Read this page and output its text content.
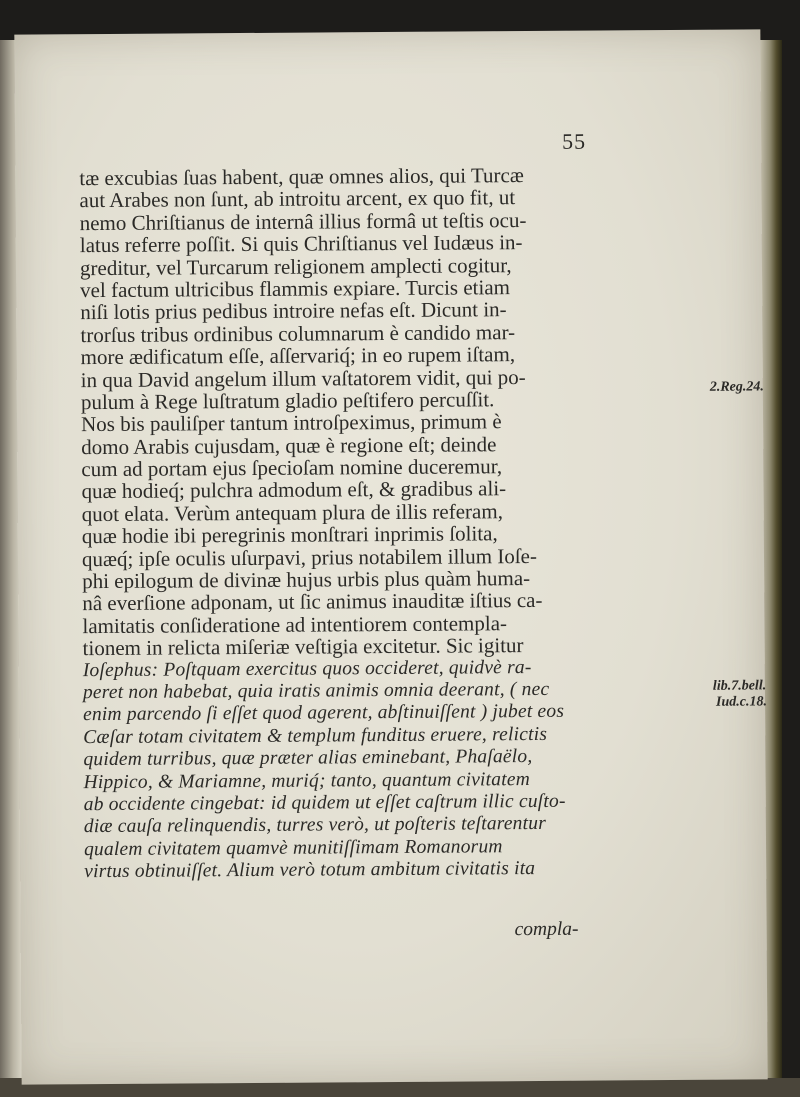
55
tæ excubias ſuas habent, quæ omnes alios, qui Turcæ
aut Arabes non ſunt, ab introitu arcent, ex quo fit, ut
nemo Chriſtianus de internâ illius formâ ut teſtis ocu-
latus referre poſſit. Si quis Chriſtianus vel Iudæus in-
greditur, vel Turcarum religionem amplecti cogitur,
vel factum ultricibus flammis expiare. Turcis etiam
niſi lotis prius pedibus introire nefas eſt. Dicunt in-
trorſus tribus ordinibus columnarum è candido mar-
more ædificatum eſſe, aſſervariq́; in eo rupem iſtam,
in qua David angelum illum vaſtatorem vidit, qui po-
pulum à Rege luſtratum gladio peſtifero percuſſit.
Nos bis pauliſper tantum introſpeximus, primum è
domo Arabis cujusdam, quæ è regione eſt; deinde
cum ad portam ejus ſpecioſam nomine duceremur,
quæ hodieq́; pulchra admodum eſt, & gradibus ali-
quot elata. Verùm antequam plura de illis referam,
quæ hodie ibi peregrinis monſtrari inprimis ſolita,
quæq́; ipſe oculis uſurpavi, prius notabilem illum Ioſe-
phi epilogum de divinæ hujus urbis plus quàm huma-
nâ everſione adponam, ut ſic animus inauditæ iſtius ca-
lamitatis conſideratione ad intentiorem contempla-
tionem in relicta miſeriæ veſtigia excitetur. Sic igitur
Ioſephus: Poſtquam exercitus quos occideret, quidvè ra-
peret non habebat, quia iratis animis omnia deerant, ( nec
enim parcendo ſi eſſet quod agerent, abſtinuiſſent ) jubet eos
Cæſar totam civitatem & templum funditus eruere, relictis
quidem turribus, quæ præter alias eminebant, Phaſaëlo,
Hippico, & Mariamne, muriq́; tanto, quantum civitatem
ab occidente cingebat: id quidem ut eſſet caſtrum illic cuſto-
diæ cauſa relinquendis, turres verò, ut poſteris teſtarentur
qualem civitatem quamvè munitiſſimam Romanorum
virtus obtinuiſſet. Alium verò totum ambitum civitatis ita
compla-
2.Reg.24.
lib.7.bell.
Iud.c.18.
